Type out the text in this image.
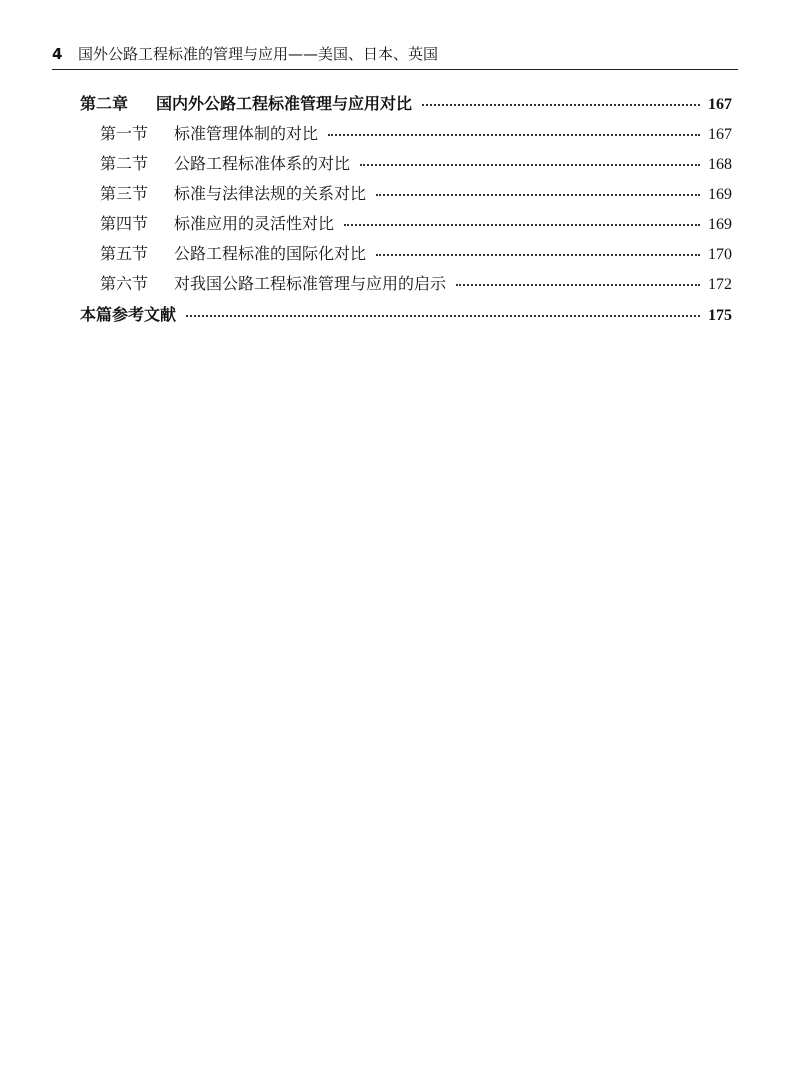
4 国外公路工程标准的管理与应用——美国、日本、英国
第二章 国内外公路工程标准管理与应用对比	167
第一节 标准管理体制的对比	167
第二节 公路工程标准体系的对比	168
第三节 标准与法律法规的关系对比	169
第四节 标准应用的灵活性对比	169
第五节 公路工程标准的国际化对比	170
第六节 对我国公路工程标准管理与应用的启示	172
本篇参考文献	175
